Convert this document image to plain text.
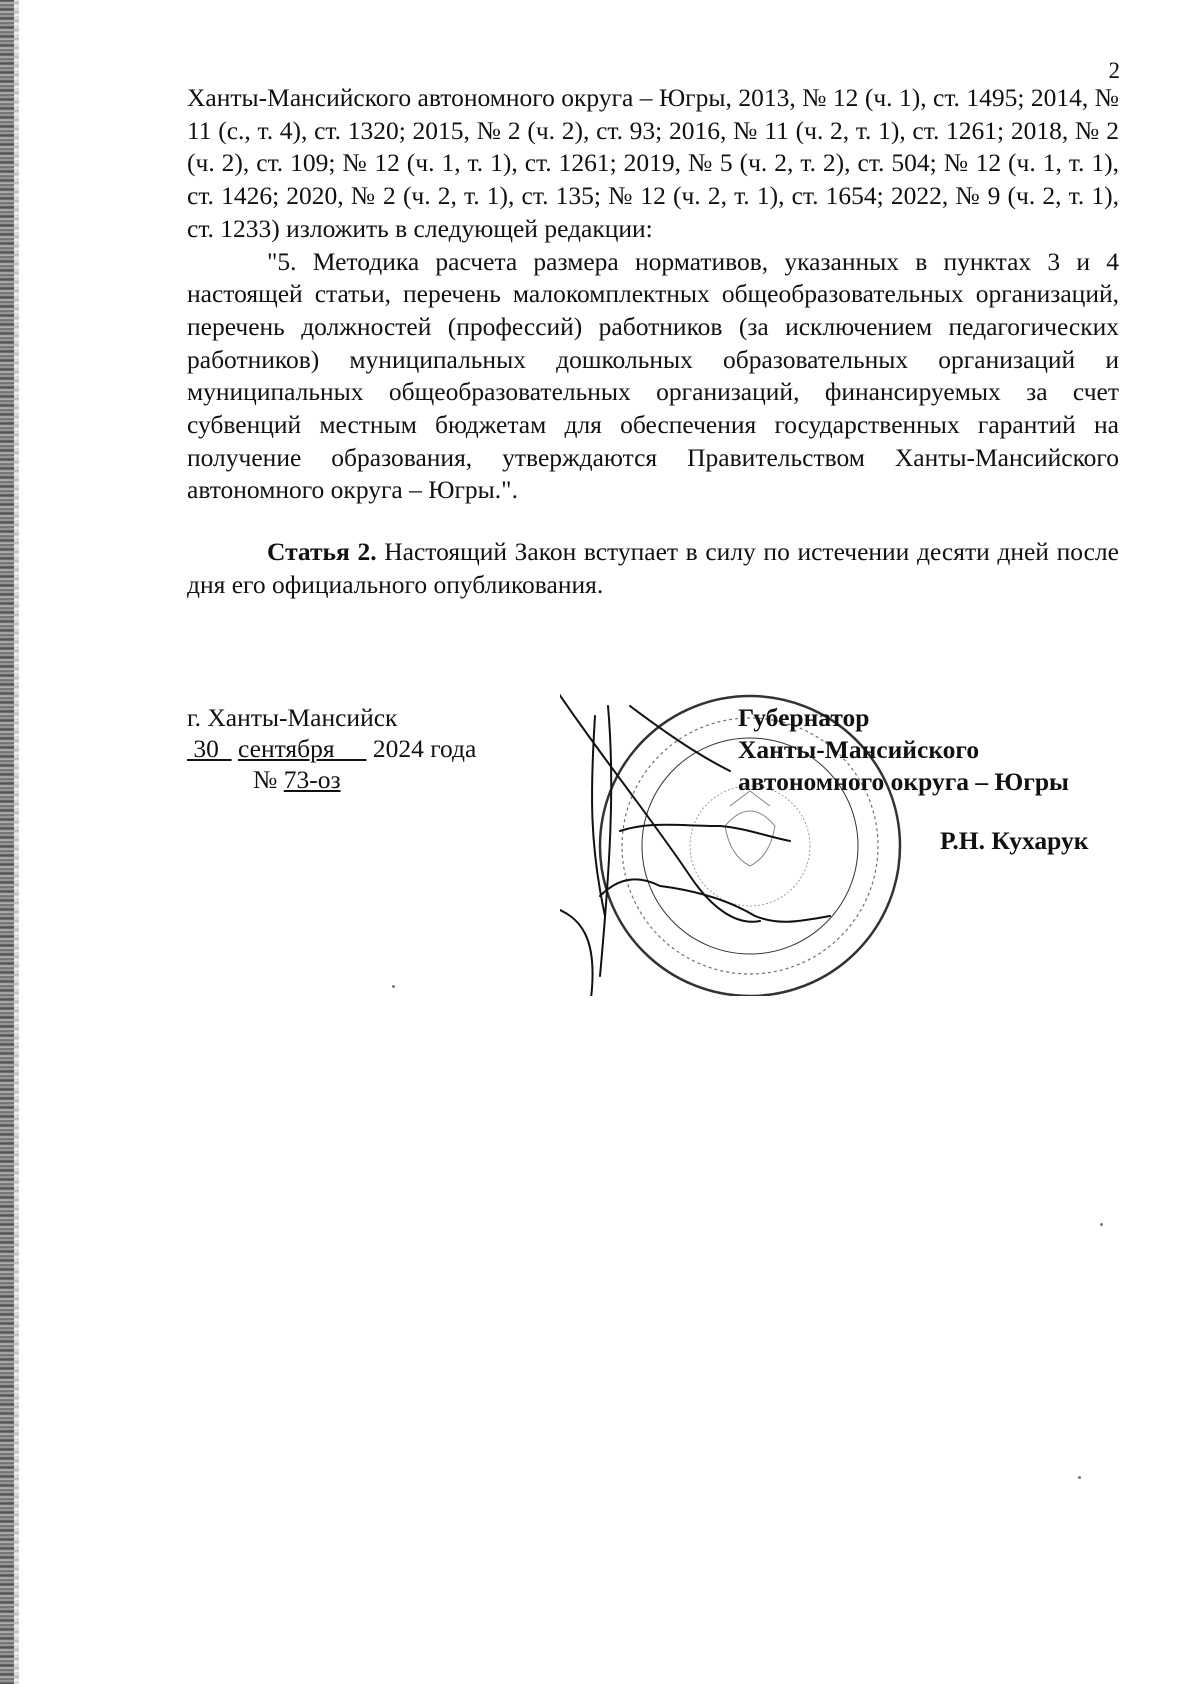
2

Ханты-Мансийского автономного округа – Югры, 2013, № 12 (ч. 1), ст. 1495; 2014, № 11 (с., т. 4), ст. 1320; 2015, № 2 (ч. 2), ст. 93; 2016, № 11 (ч. 2, т. 1), ст. 1261; 2018, № 2 (ч. 2), ст. 109; № 12 (ч. 1, т. 1), ст. 1261; 2019, № 5 (ч. 2, т. 2), ст. 504; № 12 (ч. 1, т. 1), ст. 1426; 2020, № 2 (ч. 2, т. 1), ст. 135; № 12 (ч. 2, т. 1), ст. 1654; 2022, № 9 (ч. 2, т. 1), ст. 1233) изложить в следующей редакции:

"5. Методика расчета размера нормативов, указанных в пунктах 3 и 4 настоящей статьи, перечень малокомплектных общеобразовательных организаций, перечень должностей (профессий) работников (за исключением педагогических работников) муниципальных дошкольных образовательных организаций и муниципальных общеобразовательных организаций, финансируемых за счет субвенций местным бюджетам для обеспечения государственных гарантий на получение образования, утверждаются Правительством Ханты-Мансийского автономного округа – Югры.".

Статья 2. Настоящий Закон вступает в силу по истечении десяти дней после дня его официального опубликования.

г. Ханты-Мансийск
30 сентября 2024 года
№ 73-оз
Губернатор
Ханты-Мансийского
автономного округа – Югры
Р.Н. Кухарук
